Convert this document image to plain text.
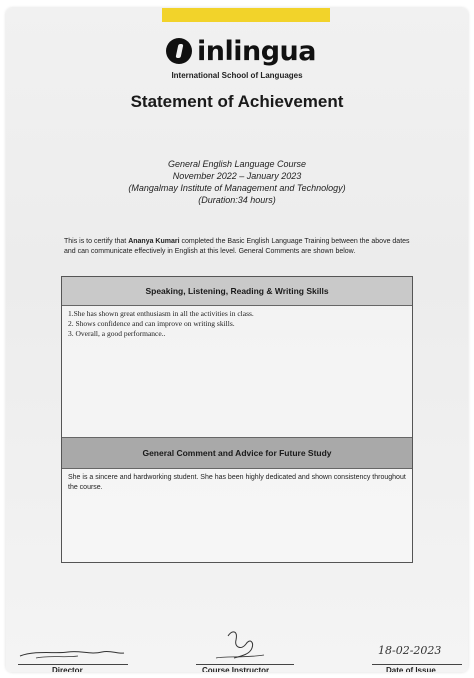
inlingua
International School of Languages
Statement of Achievement
General English Language Course
November 2022 – January 2023
(Mangalmay Institute of Management and Technology)
(Duration:34 hours)
This is to certify that Ananya Kumari completed the Basic English Language Training between the above dates and can communicate effectively in English at this level. General Comments are shown below.
Speaking, Listening, Reading & Writing Skills
1.She has shown great enthusiasm in all the activities in class.
2. Shows confidence and can improve on writing skills.
3. Overall, a good performance..
General Comment and Advice for Future Study
She is a sincere and hardworking student. She has been highly dedicated and shown consistency throughout the course.
18-02-2023
Director	Course Instructor	Date of Issue
